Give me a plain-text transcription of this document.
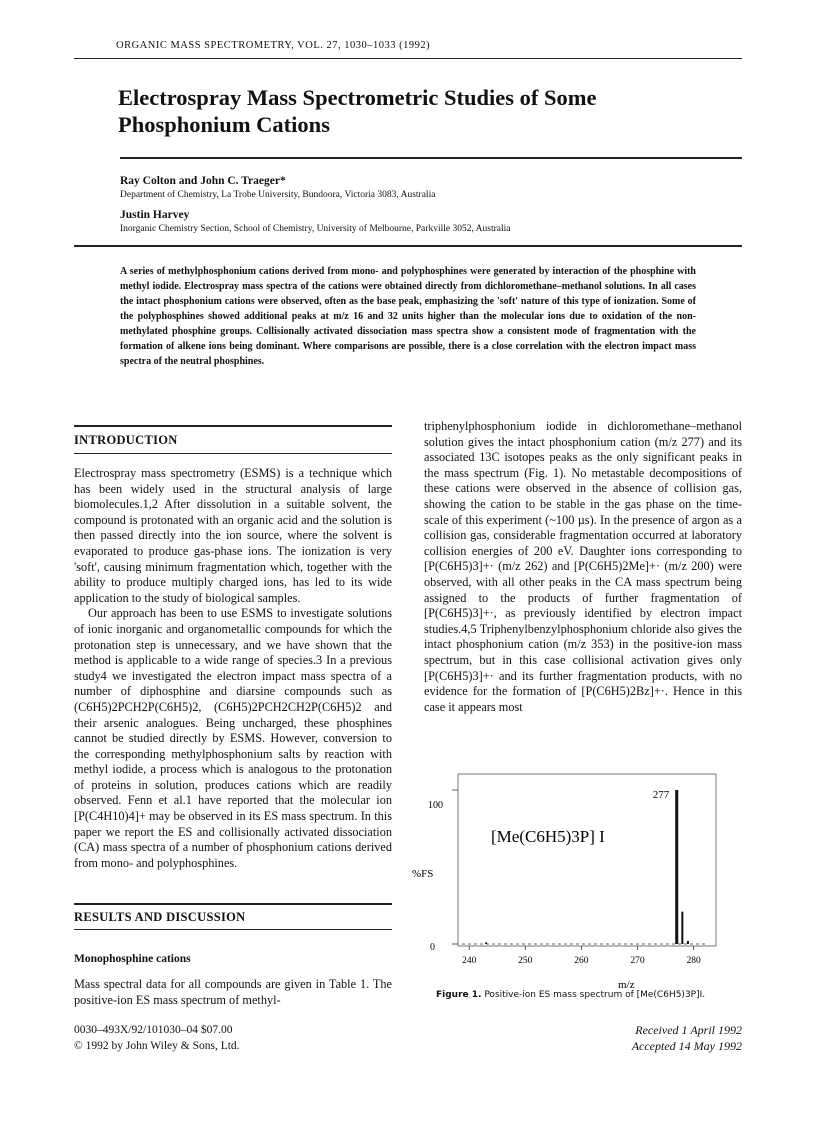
ORGANIC MASS SPECTROMETRY, VOL. 27, 1030–1033 (1992)
Electrospray Mass Spectrometric Studies of Some Phosphonium Cations
Ray Colton and John C. Traeger*
Department of Chemistry, La Trobe University, Bundoora, Victoria 3083, Australia
Justin Harvey
Inorganic Chemistry Section, School of Chemistry, University of Melbourne, Parkville 3052, Australia
A series of methylphosphonium cations derived from mono- and polyphosphines were generated by interaction of the phosphine with methyl iodide. Electrospray mass spectra of the cations were obtained directly from dichloromethane–methanol solutions. In all cases the intact phosphonium cations were observed, often as the base peak, emphasizing the 'soft' nature of this type of ionization. Some of the polyphosphines showed additional peaks at m/z 16 and 32 units higher than the molecular ions due to oxidation of the non-methylated phosphine groups. Collisionally activated dissociation mass spectra show a consistent mode of fragmentation with the formation of alkene ions being dominant. Where comparisons are possible, there is a close correlation with the electron impact mass spectra of the neutral phosphines.
INTRODUCTION

Electrospray mass spectrometry (ESMS) is a technique which has been widely used in the structural analysis of large biomolecules.1,2 After dissolution in a suitable solvent, the compound is protonated with an organic acid and the solution is then passed directly into the ion source, where the solvent is evaporated to produce gas-phase ions. The ionization is very 'soft', causing minimum fragmentation which, together with the ability to produce multiply charged ions, has led to its wide application to the study of biological samples.

Our approach has been to use ESMS to investigate solutions of ionic inorganic and organometallic compounds for which the protonation step is unnecessary, and we have shown that the method is applicable to a wide range of species.3 In a previous study4 we investigated the electron impact mass spectra of a number of diphosphine and diarsine compounds such as (C6H5)2PCH2P(C6H5)2, (C6H5)2PCH2CH2P(C6H5)2 and their arsenic analogues. Being uncharged, these phosphines cannot be studied directly by ESMS. However, conversion to the corresponding methylphosphonium salts by reaction with methyl iodide, a process which is analogous to the protonation of proteins in solution, produces cations which are readily observed. Fenn et al.1 have reported that the molecular ion [P(C4H10)4]+ may be observed in its ES mass spectrum. In this paper we report the ES and collisionally activated dissociation (CA) mass spectra of a number of phosphonium cations derived from mono- and polyphosphines.

RESULTS AND DISCUSSION
Monophosphine cations
Mass spectral data for all compounds are given in Table 1. The positive-ion ES mass spectrum of methyl-
triphenylphosphonium iodide in dichloromethane–methanol solution gives the intact phosphonium cation (m/z 277) and its associated 13C isotopes peaks as the only significant peaks in the mass spectrum (Fig. 1). No metastable decompositions of these cations were observed in the absence of collision gas, showing the cation to be stable in the gas phase on the time-scale of this experiment (~100 µs). In the presence of argon as a collision gas, considerable fragmentation occurred at laboratory collision energies of 200 eV. Daughter ions corresponding to [P(C6H5)3]+· (m/z 262) and [P(C6H5)2Me]+· (m/z 200) were observed, with all other peaks in the CA mass spectrum being assigned to the products of further fragmentation of [P(C6H5)3]+·, as previously identified by electron impact studies.4,5 Triphenylbenzylphosphonium chloride also gives the intact phosphonium cation (m/z 353) in the positive-ion mass spectrum, but in this case collisional activation gives only [P(C6H5)3]+· and its further fragmentation products, with no evidence for the formation of [P(C6H5)2Bz]+·. Hence in this case it appears most
100
0
%FS
[Me(C6H5)3P] I
277
240	250	260	270	280
m/z
Figure 1. Positive-ion ES mass spectrum of [Me(C6H5)3P]I.
0030–493X/92/101030–04 $07.00
© 1992 by John Wiley & Sons, Ltd.
Received 1 April 1992
Accepted 14 May 1992
